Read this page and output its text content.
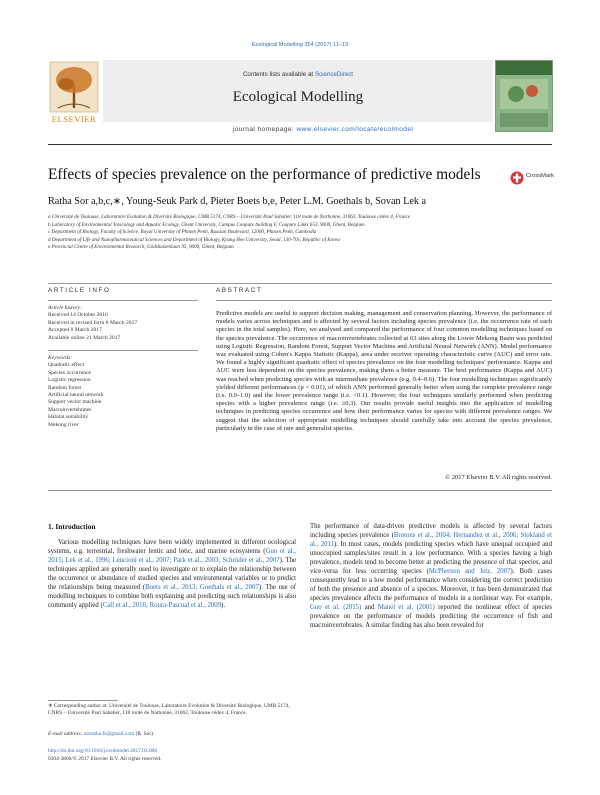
Ecological Modelling 354 (2017) 11–19
ELSEVIER
Contents lists available at ScienceDirect
Ecological Modelling
journal homepage: www.elsevier.com/locate/ecolmodel
Effects of species prevalence on the performance of predictive models	CrossMark
Ratha Sor a,b,c,∗, Young-Seuk Park d, Pieter Boets b,e, Peter L.M. Goethals b, Sovan Lek a
a Université de Toulouse, Laboratoire Evolution & Diversité Biologique, UMR 5174, CNRS – Université Paul Sabatier, 118 route de Narbonne, 31062, Toulouse cédex 4, France
b Laboratory of Environmental Toxicology and Aquatic Ecology, Ghent University, Campus Coupure building F, Coupure Links 653, 9000, Ghent, Belgium
c Department of Biology, Faculty of Science, Royal University of Phnom Penh, Russian Boulevard, 12000, Phnom Penh, Cambodia
d Department of Life and Nanopharmaceutical Sciences and Department of Biology, Kyung Hee University, Seoul, 130-701, Republic of Korea
e Provincial Centre of Environmental Research, Godshuizenlaan 95, 9000, Ghent, Belgium
ARTICLE INFO
Article history:
Received 14 October 2016
Received in revised form 8 March 2017
Accepted 8 March 2017
Available online 21 March 2017
Keywords:
Quadratic effect
Species occurrence
Logistic regression
Random forest
Artificial neural network
Support vector machine
Macroinvertebrates
Habitat suitability
Mekong river
ABSTRACT
Predictive models are useful to support decision making, management and conservation planning. However, the performance of models varies across techniques and is affected by several factors including species prevalence (i.e. the occurrence rate of each species in the total samples). Here, we analysed and compared the performance of four common modelling techniques based on the species prevalence. The occurrence of macroinvertebrates collected at 63 sites along the Lower Mekong Basin was predicted using Logistic Regression, Random Forest, Support Vector Machine and Artificial Neural Network (ANN). Model performance was evaluated using Cohen's Kappa Statistic (Kappa), area under receiver operating characteristic curve (AUC) and error rate. We found a highly significant quadratic effect of species prevalence on the four modelling techniques' performance. Kappa and AUC were less dependent on the species prevalence, making them a better measure. The best performance (Kappa and AUC) was reached when predicting species with an intermediate prevalence (e.g. 0.4–0.6). The four modelling techniques significantly yielded different performances (p < 0.01), of which ANN performed generally better when using the complete prevalence range (i.e. 0.0–1.0) and the lower prevalence range (i.e. <0.1). However, the four techniques similarly performed when predicting species with a higher prevalence range (i.e. ≥0.3). Our results provide useful insights into the application of modelling techniques in predicting species occurrence and how their performance varies for species with different prevalence ranges. We suggest that the selection of appropriate modelling techniques should carefully take into account the species prevalence, particularly in the case of rare and generalist species.
© 2017 Elsevier B.V. All rights reserved.
1. Introduction
Various modelling techniques have been widely implemented in different ecological systems, e.g. terrestrial, freshwater lentic and lotic, and marine ecosystems (Guo et al., 2015; Lek et al., 1996; Lencioni et al., 2007; Park et al., 2003; Schröder et al., 2007). The techniques applied are generally used to investigate or to explain the relationship between the occurrence or abundance of studied species and environmental variables or to predict the relationships being measured (Boets et al., 2013; Goethals et al., 2007). The use of modelling techniques to combine both explaining and predicting such relationships is also commonly applied (Call et al., 2016; Roura-Pascual et al., 2009).
The performance of data-driven predictive models is affected by several factors including species prevalence (Brotons et al., 2004; Hernandez et al., 2006; Stokland et al., 2011). In most cases, models predicting species which have unequal occupied and unoccupied samples/sites result in a low performance. With a species having a high prevalence, models tend to become better at predicting the presence of that species, and vice-versa for less occurring species (McPherson and Jetz, 2007). Both cases consequently lead to a low model performance when considering the correct prediction of both the presence and absence of a species. Moreover, it has been demonstrated that species prevalence affects the performance of models in a nonlinear way. For example, Guo et al. (2015) and Manel et al. (2001) reported the nonlinear effect of species prevalence on the performance of models predicting the occurrence of fish and macroinvertebrates. A similar finding has also been revealed for
∗ Corresponding author at: Université de Toulouse, Laboratoire Evolution & Diversité Biologique, UMR 5174, CNRS – Université Paul Sabatier, 118 route de Narbonne, 31062, Toulouse cédex 4, France.
E-mail address: sorratha.fs@gmail.com (R. Sor).
http://dx.doi.org/10.1016/j.ecolmodel.2017.03.006
0304-3800/© 2017 Elsevier B.V. All rights reserved.
